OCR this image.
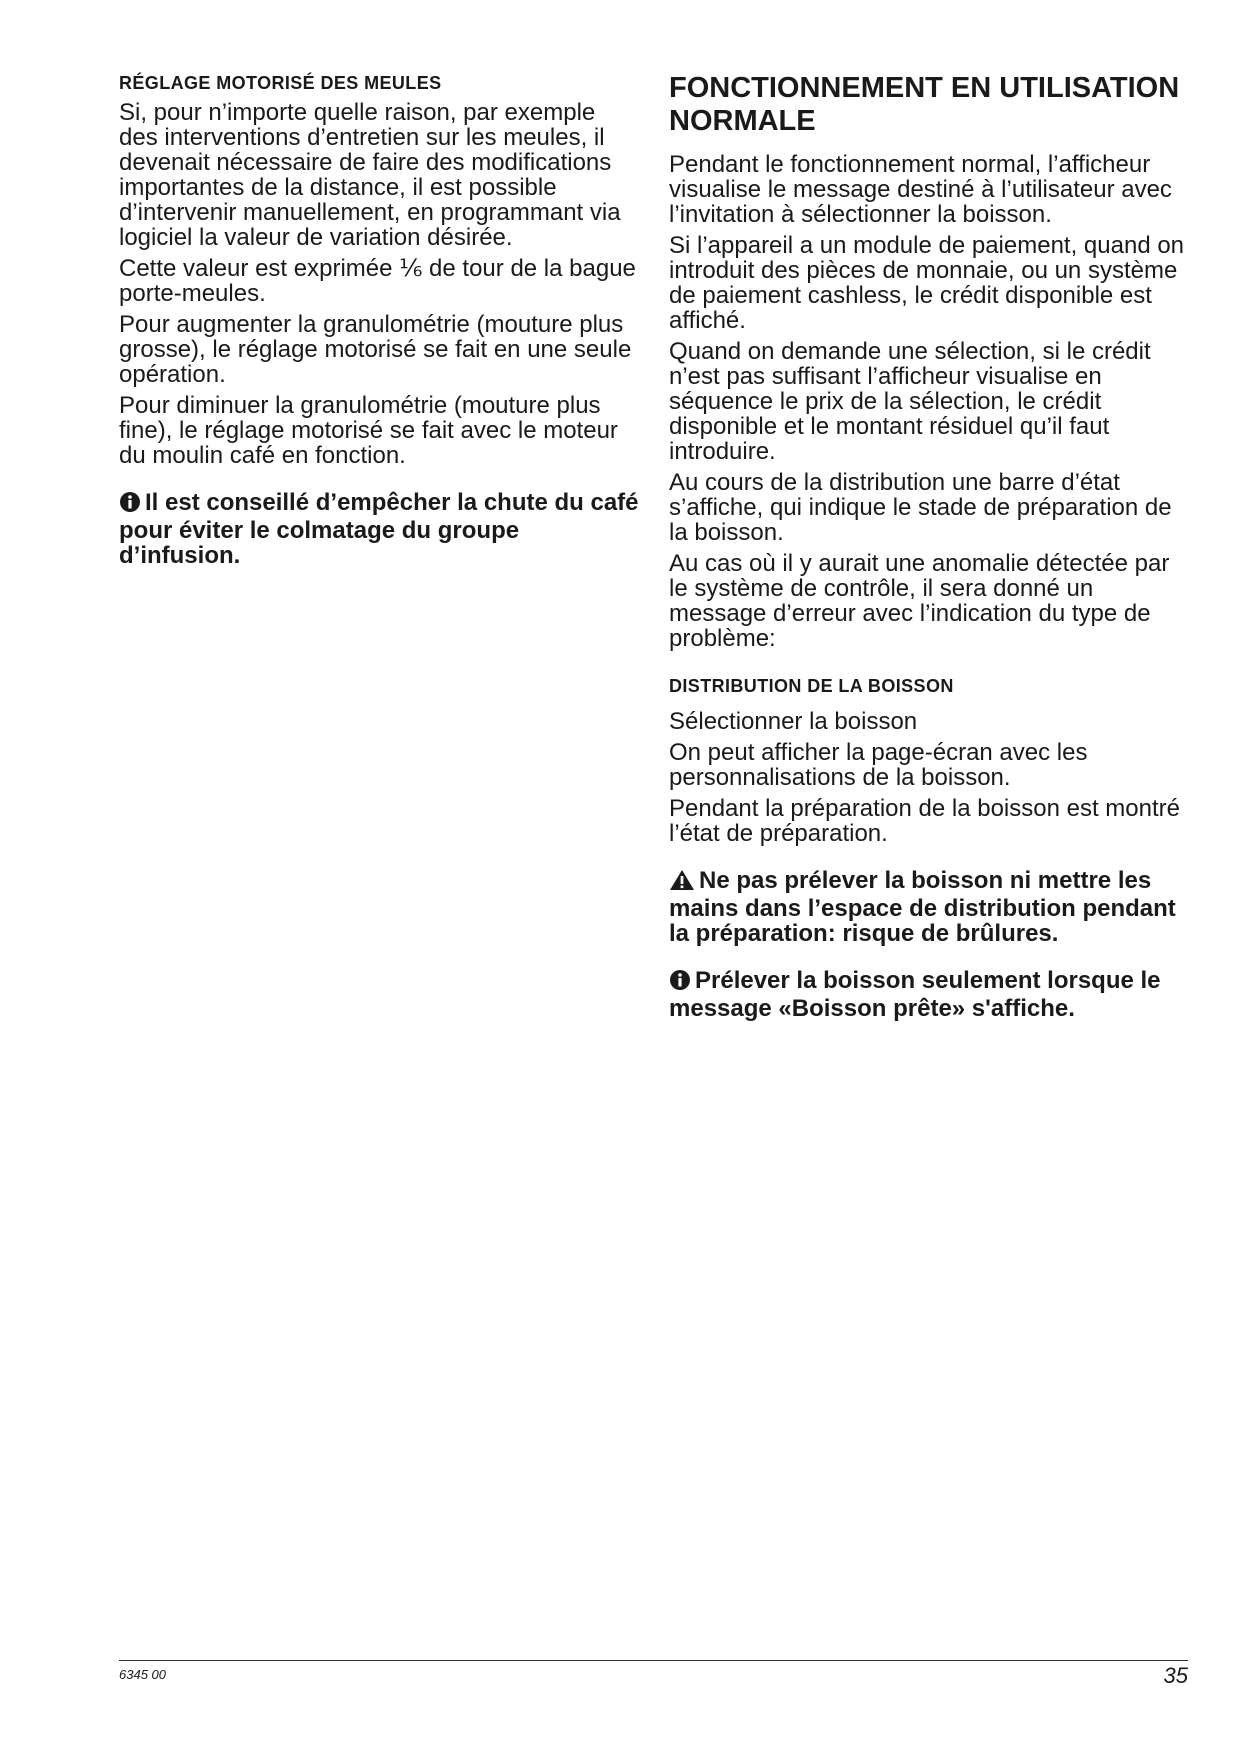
RÉGLAGE MOTORISÉ DES MEULES

Si, pour n’importe quelle raison, par exemple des interventions d’entretien sur les meules, il devenait nécessaire de faire des modifications importantes de la distance, il est possible d’intervenir manuellement, en programmant via logiciel la valeur de variation désirée.

Cette valeur est exprimée ⅙ de tour de la bague porte-meules.

Pour augmenter la granulométrie (mouture plus grosse), le réglage motorisé se fait en une seule opération.

Pour diminuer la granulométrie (mouture plus fine), le réglage motorisé se fait avec le moteur du moulin café en fonction.

Il est conseillé d’empêcher la chute du café pour éviter le colmatage du groupe d’infusion.

FONCTIONNEMENT EN UTILISATION NORMALE

Pendant le fonctionnement normal, l’afficheur visualise le message destiné à l’utilisateur avec l’invitation à sélectionner la boisson.

Si l’appareil a un module de paiement, quand on introduit des pièces de monnaie, ou un système de paiement cashless, le crédit disponible est affiché.

Quand on demande une sélection, si le crédit n’est pas suffisant l’afficheur visualise en séquence le prix de la sélection, le crédit disponible et le montant résiduel qu’il faut introduire.

Au cours de la distribution une barre d’état s’affiche, qui indique le stade de préparation de la boisson.

Au cas où il y aurait une anomalie détectée par le système de contrôle, il sera donné un message d’erreur avec l’indication du type de problème:

DISTRIBUTION DE LA BOISSON

Sélectionner la boisson

On peut afficher la page-écran avec les personnalisations de la boisson.

Pendant la préparation de la boisson est montré l’état de préparation.

Ne pas prélever la boisson ni mettre les mains dans l’espace de distribution pendant la préparation: risque de brûlures.

Prélever la boisson seulement lorsque le message «Boisson prête» s'affiche.

6345 00	35
